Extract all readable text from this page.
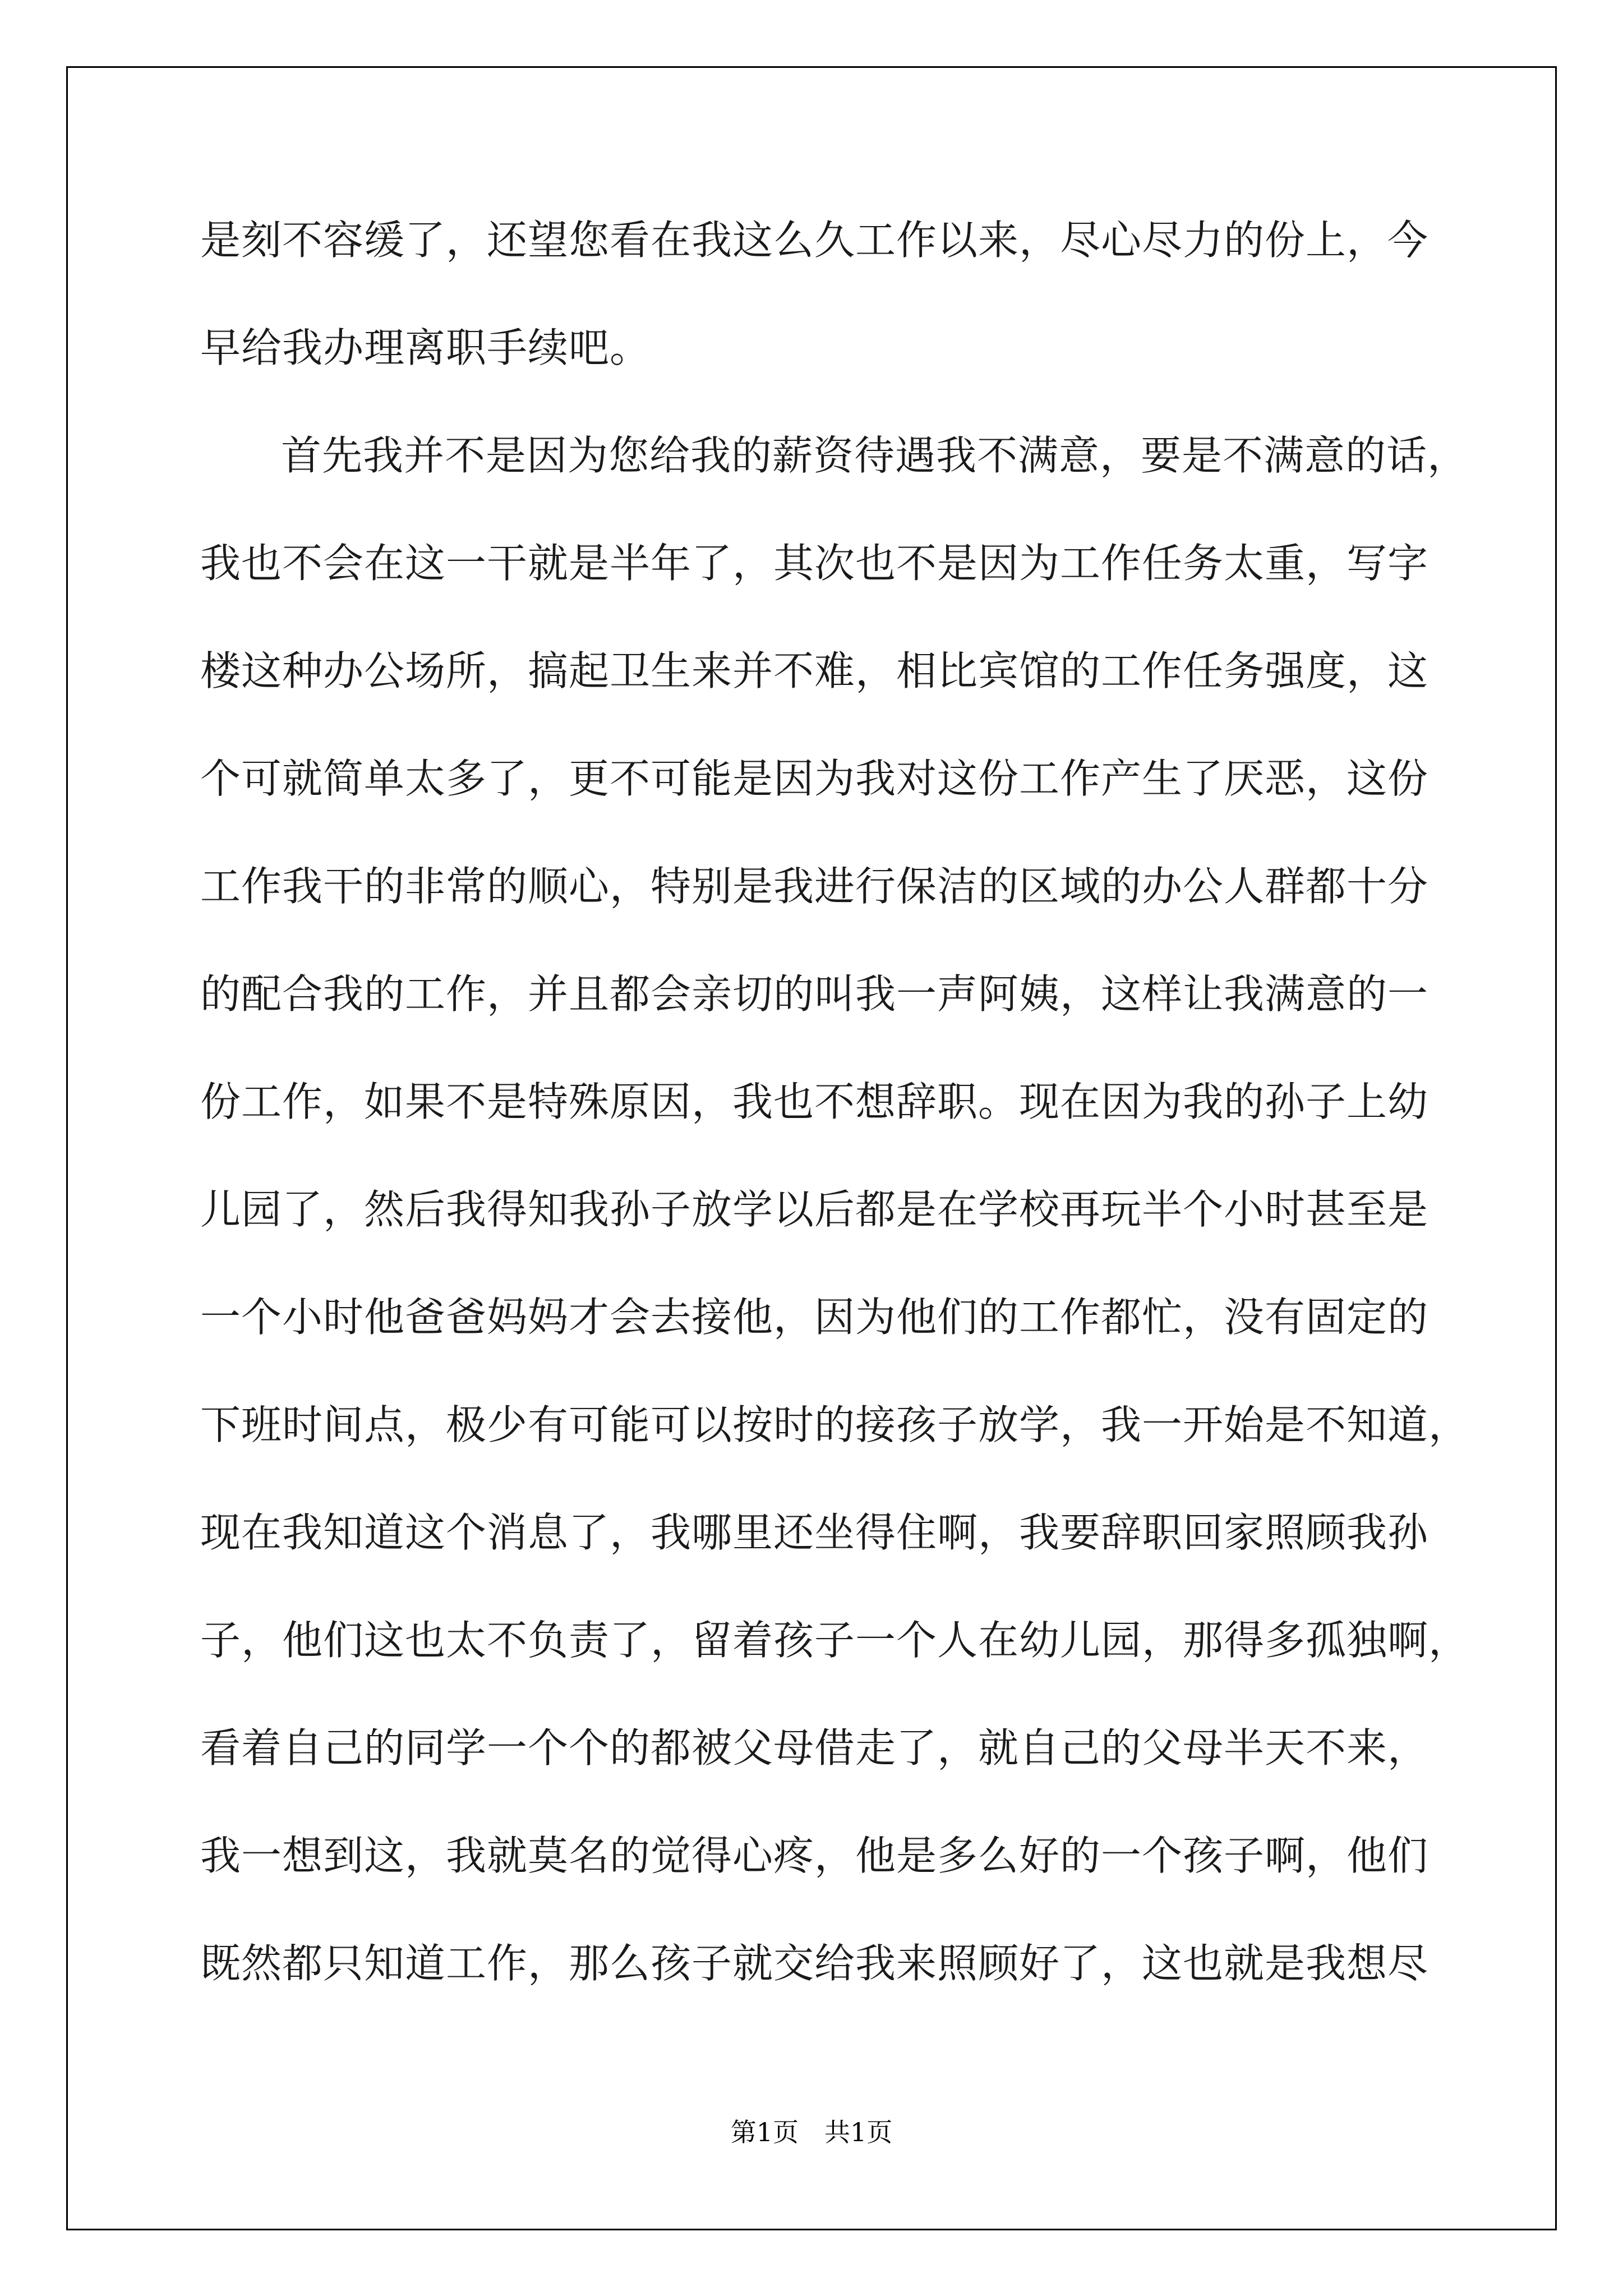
是刻不容缓了，还望您看在我这么久工作以来，尽心尽力的份上，今
早给我办理离职手续吧。
首先我并不是因为您给我的薪资待遇我不满意，要是不满意的话，
我也不会在这一干就是半年了，其次也不是因为工作任务太重，写字
楼这种办公场所，搞起卫生来并不难，相比宾馆的工作任务强度，这
个可就简单太多了，更不可能是因为我对这份工作产生了厌恶，这份
工作我干的非常的顺心，特别是我进行保洁的区域的办公人群都十分
的配合我的工作，并且都会亲切的叫我一声阿姨，这样让我满意的一
份工作，如果不是特殊原因，我也不想辞职。现在因为我的孙子上幼
儿园了，然后我得知我孙子放学以后都是在学校再玩半个小时甚至是
一个小时他爸爸妈妈才会去接他，因为他们的工作都忙，没有固定的
下班时间点，极少有可能可以按时的接孩子放学，我一开始是不知道，
现在我知道这个消息了，我哪里还坐得住啊，我要辞职回家照顾我孙
子，他们这也太不负责了，留着孩子一个人在幼儿园，那得多孤独啊，
看着自己的同学一个个的都被父母借走了，就自己的父母半天不来，
我一想到这，我就莫名的觉得心疼，他是多么好的一个孩子啊，他们
既然都只知道工作，那么孩子就交给我来照顾好了，这也就是我想尽
第1页 共1页
